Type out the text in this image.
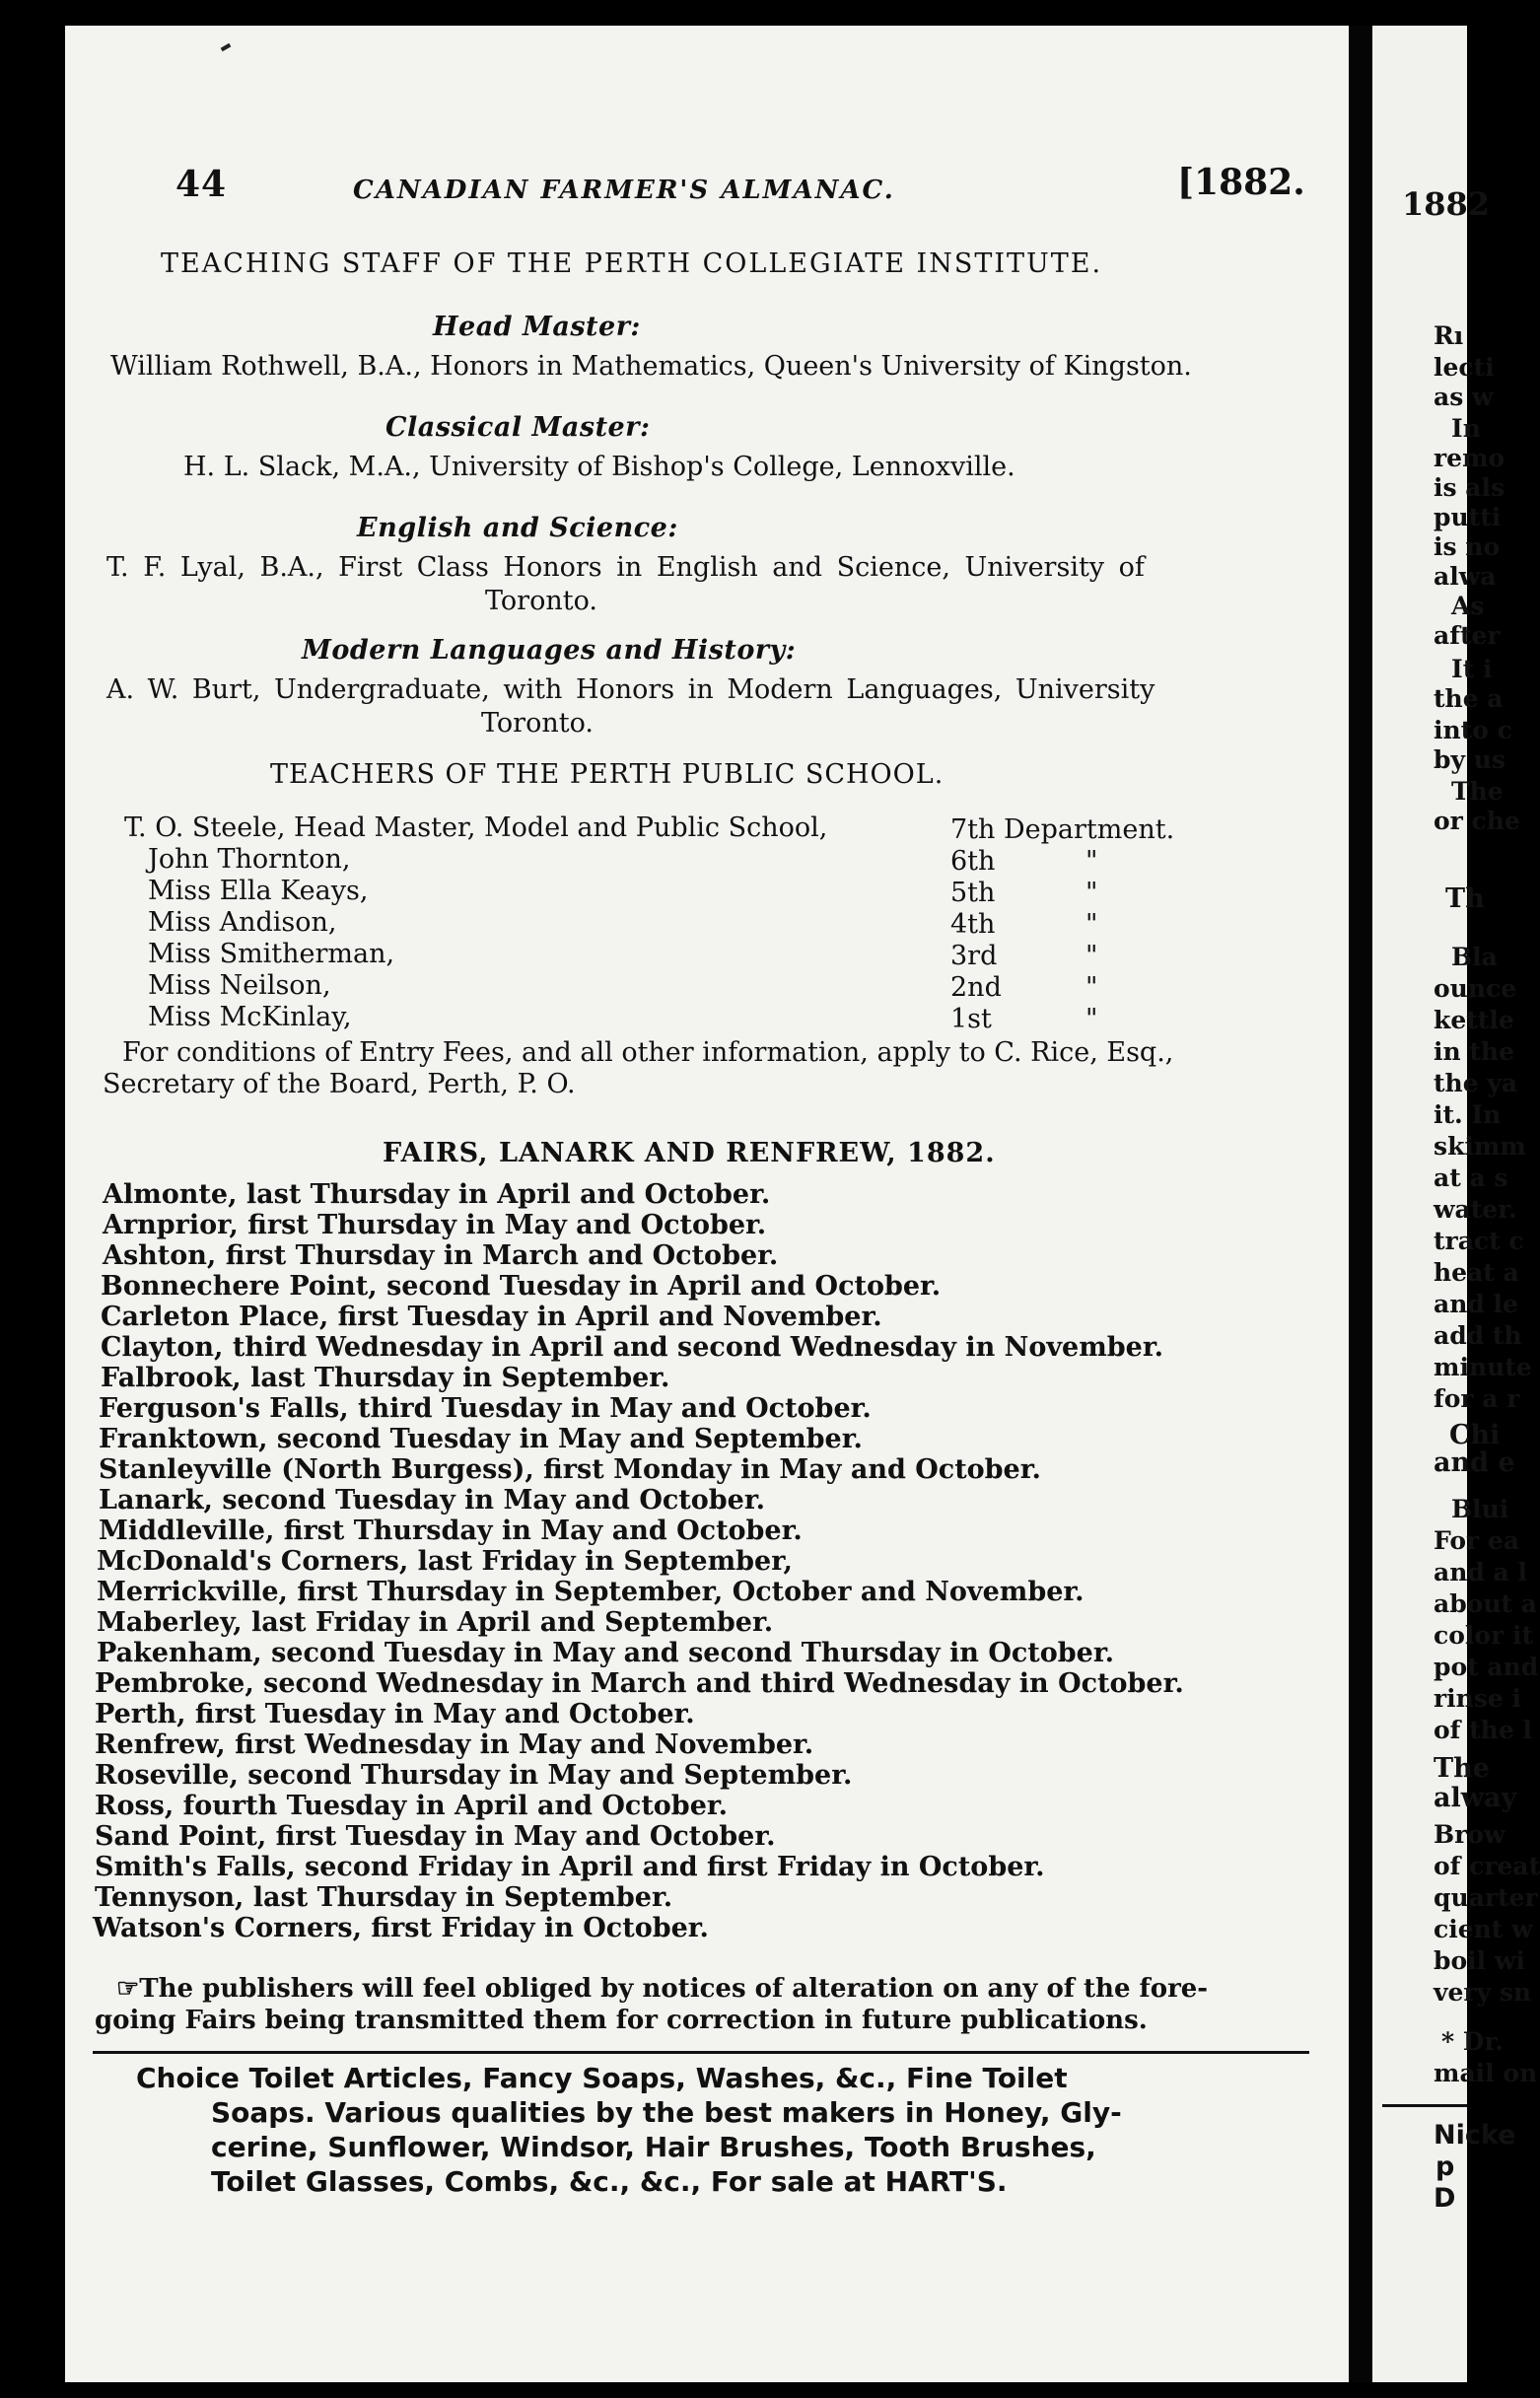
44	CANADIAN FARMER'S ALMANAC.	[1882.
TEACHING STAFF OF THE PERTH COLLEGIATE INSTITUTE.
Head Master:
William Rothwell, B.A., Honors in Mathematics, Queen's University of Kingston.
Classical Master:
H. L. Slack, M.A., University of Bishop's College, Lennoxville.
English and Science:
T. F. Lyal, B.A., First Class Honors in English and Science, University of
Toronto.
Modern Languages and History:
A. W. Burt, Undergraduate, with Honors in Modern Languages, University
Toronto.
TEACHERS OF THE PERTH PUBLIC SCHOOL.
T. O. Steele, Head Master, Model and Public School,	7th Department.
John Thornton,	6th	"
Miss Ella Keays,	5th	"
Miss Andison,	4th	"
Miss Smitherman,	3rd	"
Miss Neilson,	2nd	"
Miss McKinlay,	1st	"
For conditions of Entry Fees, and all other information, apply to C. Rice, Esq.,
Secretary of the Board, Perth, P. O.
FAIRS, LANARK AND RENFREW, 1882.
Almonte, last Thursday in April and October.
Arnprior, first Thursday in May and October.
Ashton, first Thursday in March and October.
Bonnechere Point, second Tuesday in April and October.
Carleton Place, first Tuesday in April and November.
Clayton, third Wednesday in April and second Wednesday in November.
Falbrook, last Thursday in September.
Ferguson's Falls, third Tuesday in May and October.
Franktown, second Tuesday in May and September.
Stanleyville (North Burgess), first Monday in May and October.
Lanark, second Tuesday in May and October.
Middleville, first Thursday in May and October.
McDonald's Corners, last Friday in September,
Merrickville, first Thursday in September, October and November.
Maberley, last Friday in April and September.
Pakenham, second Tuesday in May and second Thursday in October.
Pembroke, second Wednesday in March and third Wednesday in October.
Perth, first Tuesday in May and October.
Renfrew, first Wednesday in May and November.
Roseville, second Thursday in May and September.
Ross, fourth Tuesday in April and October.
Sand Point, first Tuesday in May and October.
Smith's Falls, second Friday in April and first Friday in October.
Tennyson, last Thursday in September.
Watson's Corners, first Friday in October.
☞The publishers will feel obliged by notices of alteration on any of the fore-
going Fairs being transmitted them for correction in future publications.
Choice Toilet Articles, Fancy Soaps, Washes, &c., Fine Toilet
Soaps. Various qualities by the best makers in Honey, Gly-
cerine, Sunflower, Windsor, Hair Brushes, Tooth Brushes,
Toilet Glasses, Combs, &c., &c., For sale at HART'S.
1882
Rı
lecti
as w
In
remo
is als
putti
is no
alwa
As
after
It i
the a
into c
by us
The
or che
Th
Bla
ounce
kettle
in the
the ya
it. In
skimm
at a s
water.
tract c
heat a
and le
add th
minute
for a r
Chi
and e
Blui
For ea
and a l
about a
color it
pot and
rinse i
of the l
The
alway
Brow
of creat
quarter
cient w
boil wi
very sn
* Dr.
mail on
Nicke
p
D
